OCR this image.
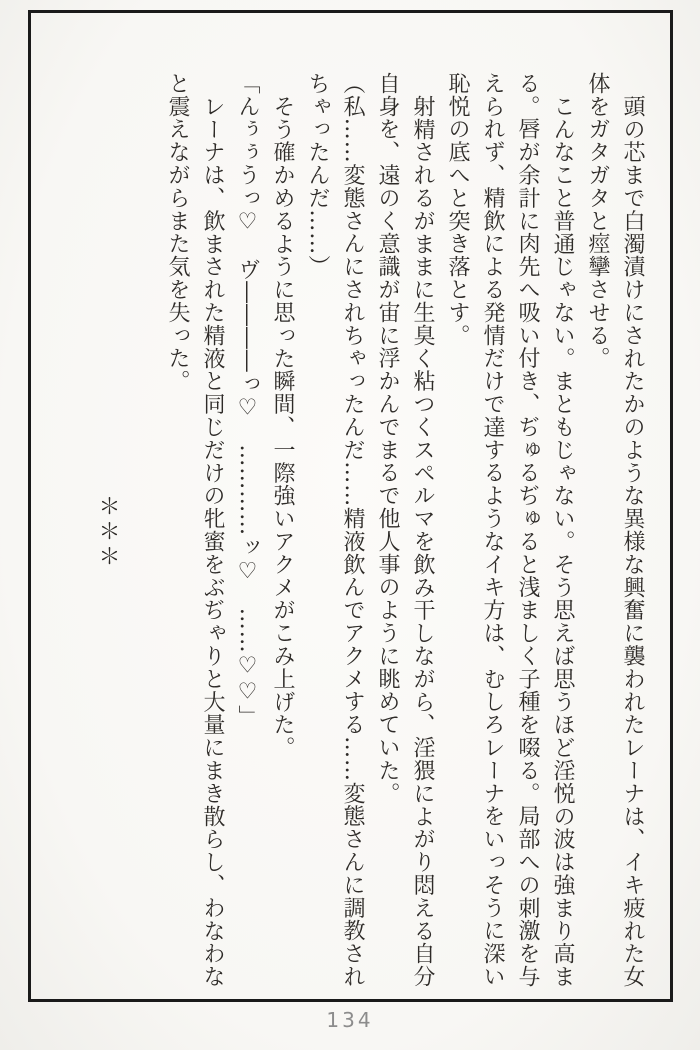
頭の芯まで白濁漬けにされたかのような異様な興奮に襲われたレーナは、イキ疲れた女体をガタガタと痙攣させる。

こんなこと普通じゃない。まともじゃない。そう思えば思うほど淫悦の波は強まり高まる。唇が余計に肉先へ吸い付き、ぢゅるぢゅると浅ましく子種を啜る。局部への刺激を与えられず、精飲による発情だけで達するようなイキ方は、むしろレーナをいっそうに深い恥悦の底へと突き落とす。

射精されるがままに生臭く粘つくスペルマを飲み干しながら、淫猥によがり悶える自分自身を、遠のく意識が宙に浮かんでまるで他人事のように眺めていた。

（私……変態さんにされちゃったんだ……精液飲んでアクメする……変態さんに調教されちゃったんだ……）

そう確かめるように思った瞬間、一際強いアクメがこみ上げた。

「んぅぅうっ♡　ヴ――――っ♡　…………ッ♡　……♡♡」

レーナは、飲まされた精液と同じだけの牝蜜をぶぢゃりと大量にまき散らし、わなわなと震えながらまた気を失った。

＊＊＊

134
